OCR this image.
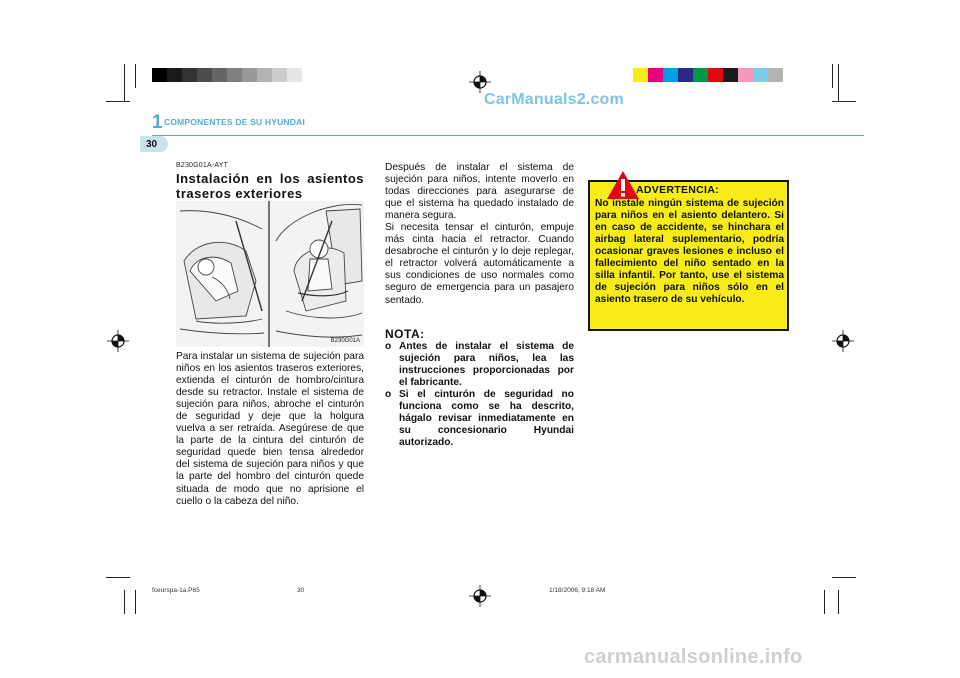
CarManuals2.com
1 COMPONENTES DE SU HYUNDAI
30
B230G01A-AYT
Instalación en los asientos traseros exteriores
B230G01A
Para instalar un sistema de sujeción para niños en los asientos traseros exteriores, extienda el cinturón de hombro/cintura desde su retractor. Instale el sistema de sujeción para niños, abroche el cinturón de seguridad y deje que la holgura vuelva a ser retraída. Asegúrese de que la parte de la cintura del cinturón de seguridad quede bien tensa alrededor del sistema de sujeción para niños y que la parte del hombro del cinturón quede situada de modo que no aprisione el cuello o la cabeza del niño.

Después de instalar el sistema de sujeción para niños, intente moverlo en todas direcciones para asegurarse de que el sistema ha quedado instalado de manera segura.

Si necesita tensar el cinturón, empuje más cinta hacia el retractor. Cuando desabroche el cinturón y lo deje replegar, el retractor volverá automáticamente a sus condiciones de uso normales como seguro de emergencia para un pasajero sentado.

NOTA:
o Antes de instalar el sistema de sujeción para niños, lea las instrucciones proporcionadas por el fabricante.
o Si el cinturón de seguridad no funciona como se ha descrito, hágalo revisar inmediatamente en su concesionario Hyundai autorizado.
ADVERTENCIA:
No instale ningún sistema de sujeción para niños en el asiento delantero. Si en caso de accidente, se hinchara el airbag lateral suplementario, podría ocasionar graves lesiones e incluso el fallecimiento del niño sentado en la silla infantil. Por tanto, use el sistema de sujeción para niños sólo en el asiento trasero de su vehículo.
fceurspa-1a.P65	30	1/18/2006, 9:18 AM
carmanualsonline.info
